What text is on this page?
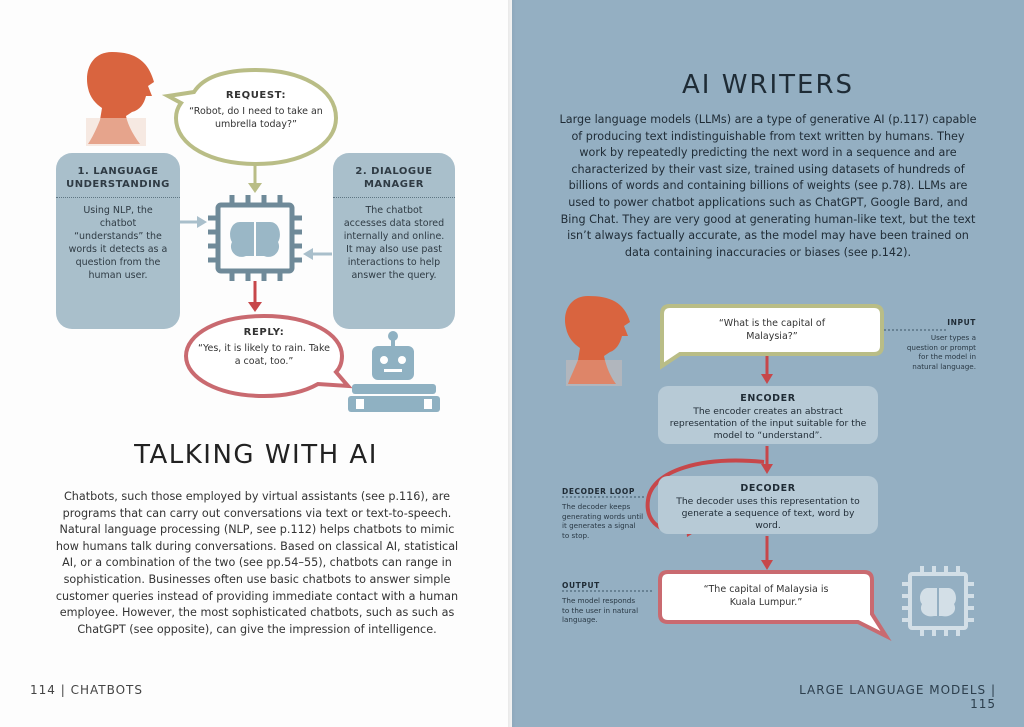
REQUEST:
“Robot, do I need to take an umbrella today?”
1. LANGUAGE UNDERSTANDING
Using NLP, the chatbot “understands” the words it detects as a question from the human user.
2. DIALOGUE MANAGER
The chatbot accesses data stored internally and online. It may also use past interactions to help answer the query.
REPLY:
“Yes, it is likely to rain. Take a coat, too.”
TALKING WITH AI
Chatbots, such those employed by virtual assistants (see p.116), are programs that can carry out conversations via text or text-to-speech. Natural language processing (NLP, see p.112) helps chatbots to mimic how humans talk during conversations. Based on classical AI, statistical AI, or a combination of the two (see pp.54–55), chatbots can range in sophistication. Businesses often use basic chatbots to answer simple customer queries instead of providing immediate contact with a human employee. However, the most sophisticated chatbots, such as such as ChatGPT (see opposite), can give the impression of intelligence.
114 | CHATBOTS
AI WRITERS
Large language models (LLMs) are a type of generative AI (p.117) capable of producing text indistinguishable from text written by humans. They work by repeatedly predicting the next word in a sequence and are characterized by their vast size, trained using datasets of hundreds of billions of words and containing billions of weights (see p.78). LLMs are used to power chatbot applications such as ChatGPT, Google Bard, and Bing Chat. They are very good at generating human-like text, but the text isn’t always factually accurate, as the model may have been trained on data containing inaccuracies or biases (see p.142).
“What is the capital of Malaysia?”
INPUT
User types a question or prompt for the model in natural language.
ENCODER
The encoder creates an abstract representation of the input suitable for the model to “understand”.
DECODER
The decoder uses this representation to generate a sequence of text, word by word.
DECODER LOOP
The decoder keeps generating words until it generates a signal to stop.
“The capital of Malaysia is Kuala Lumpur.”
OUTPUT
The model responds to the user in natural language.
LARGE LANGUAGE MODELS | 115
